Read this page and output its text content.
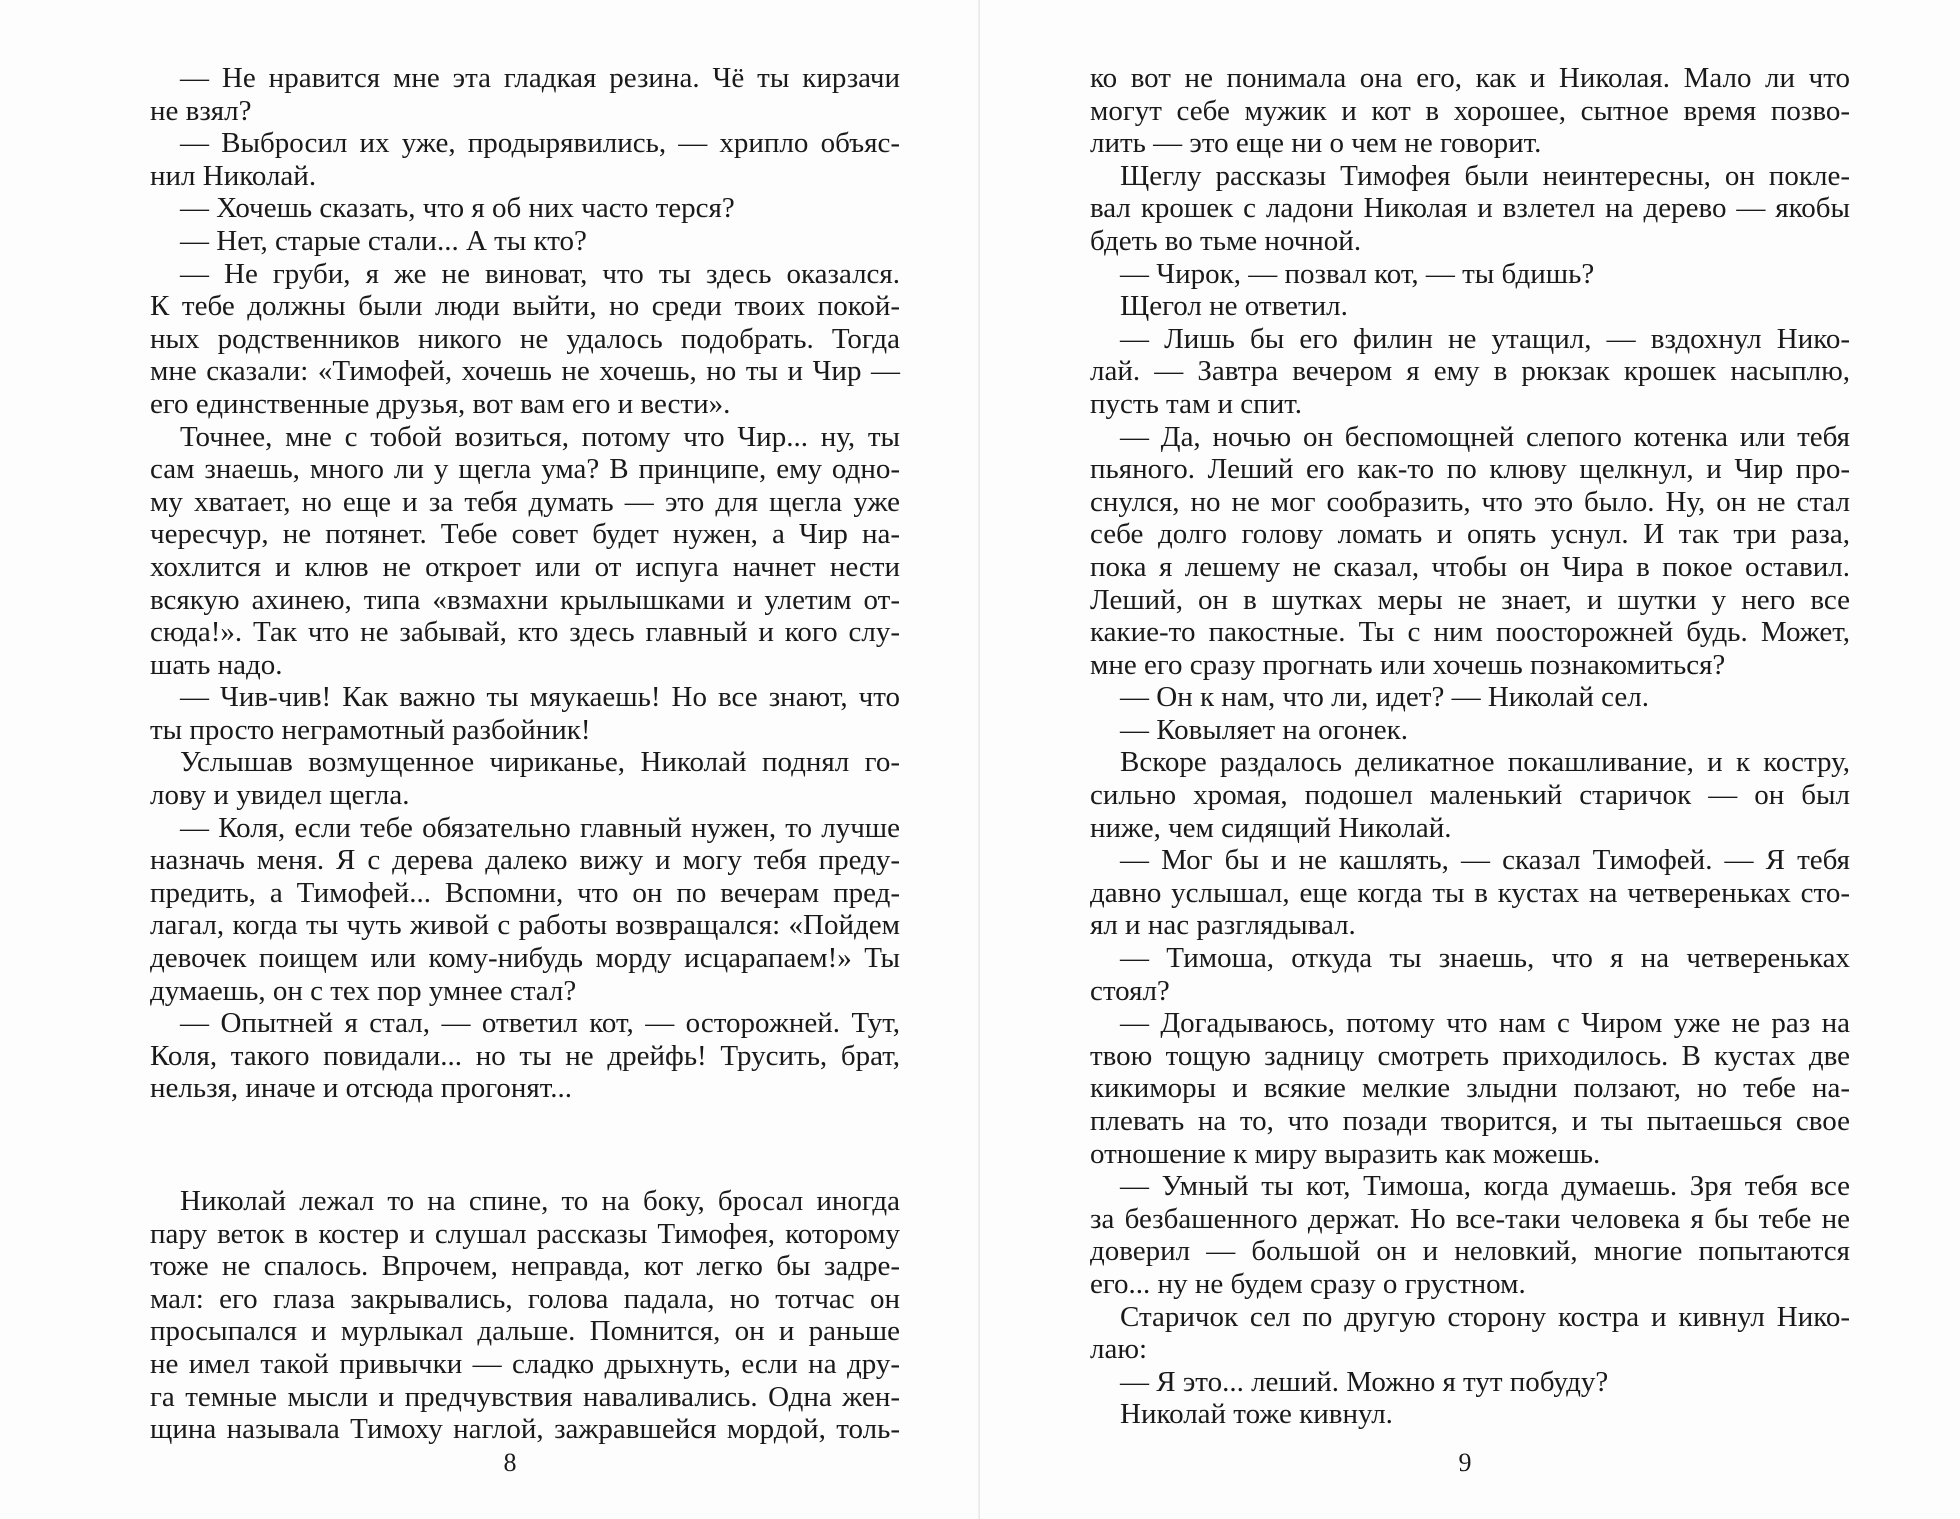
— Не нравится мне эта гладкая резина. Чё ты кирзачи
не взял?
— Выбросил их уже, продырявились, — хрипло объяс-
нил Николай.
— Хочешь сказать, что я об них часто терся?
— Нет, старые стали... А ты кто?
— Не груби, я же не виноват, что ты здесь оказался.
К тебе должны были люди выйти, но среди твоих покой-
ных родственников никого не удалось подобрать. Тогда
мне сказали: «Тимофей, хочешь не хочешь, но ты и Чир —
его единственные друзья, вот вам его и вести».
Точнее, мне с тобой возиться, потому что Чир... ну, ты
сам знаешь, много ли у щегла ума? В принципе, ему одно-
му хватает, но еще и за тебя думать — это для щегла уже
чересчур, не потянет. Тебе совет будет нужен, а Чир на-
хохлится и клюв не откроет или от испуга начнет нести
всякую ахинею, типа «взмахни крылышками и улетим от-
сюда!». Так что не забывай, кто здесь главный и кого слу-
шать надо.
— Чив-чив! Как важно ты мяукаешь! Но все знают, что
ты просто неграмотный разбойник!
Услышав возмущенное чириканье, Николай поднял го-
лову и увидел щегла.
— Коля, если тебе обязательно главный нужен, то лучше
назначь меня. Я с дерева далеко вижу и могу тебя преду-
предить, а Тимофей... Вспомни, что он по вечерам пред-
лагал, когда ты чуть живой с работы возвращался: «Пойдем
девочек поищем или кому-нибудь морду исцарапаем!» Ты
думаешь, он с тех пор умнее стал?
— Опытней я стал, — ответил кот, — осторожней. Тут,
Коля, такого повидали... но ты не дрейфь! Трусить, брат,
нельзя, иначе и отсюда прогонят...
Николай лежал то на спине, то на боку, бросал иногда
пару веток в костер и слушал рассказы Тимофея, которому
тоже не спалось. Впрочем, неправда, кот легко бы задре-
мал: его глаза закрывались, голова падала, но тотчас он
просыпался и мурлыкал дальше. Помнится, он и раньше
не имел такой привычки — сладко дрыхнуть, если на дру-
га темные мысли и предчувствия наваливались. Одна жен-
щина называла Тимоху наглой, зажравшейся мордой, толь-
8
ко вот не понимала она его, как и Николая. Мало ли что
могут себе мужик и кот в хорошее, сытное время позво-
лить — это еще ни о чем не говорит.
Щеглу рассказы Тимофея были неинтересны, он покле-
вал крошек с ладони Николая и взлетел на дерево — якобы
бдеть во тьме ночной.
— Чирок, — позвал кот, — ты бдишь?
Щегол не ответил.
— Лишь бы его филин не утащил, — вздохнул Нико-
лай. — Завтра вечером я ему в рюкзак крошек насыплю,
пусть там и спит.
— Да, ночью он беспомощней слепого котенка или тебя
пьяного. Леший его как-то по клюву щелкнул, и Чир про-
снулся, но не мог сообразить, что это было. Ну, он не стал
себе долго голову ломать и опять уснул. И так три раза,
пока я лешему не сказал, чтобы он Чира в покое оставил.
Леший, он в шутках меры не знает, и шутки у него все
какие-то пакостные. Ты с ним поосторожней будь. Может,
мне его сразу прогнать или хочешь познакомиться?
— Он к нам, что ли, идет? — Николай сел.
— Ковыляет на огонек.
Вскоре раздалось деликатное покашливание, и к костру,
сильно хромая, подошел маленький старичок — он был
ниже, чем сидящий Николай.
— Мог бы и не кашлять, — сказал Тимофей. — Я тебя
давно услышал, еще когда ты в кустах на четвереньках сто-
ял и нас разглядывал.
— Тимоша, откуда ты знаешь, что я на четвереньках
стоял?
— Догадываюсь, потому что нам с Чиром уже не раз на
твою тощую задницу смотреть приходилось. В кустах две
кикиморы и всякие мелкие злыдни ползают, но тебе на-
плевать на то, что позади творится, и ты пытаешься свое
отношение к миру выразить как можешь.
— Умный ты кот, Тимоша, когда думаешь. Зря тебя все
за безбашенного держат. Но все-таки человека я бы тебе не
доверил — большой он и неловкий, многие попытаются
его... ну не будем сразу о грустном.
Старичок сел по другую сторону костра и кивнул Нико-
лаю:
— Я это... леший. Можно я тут побуду?
Николай тоже кивнул.
9
